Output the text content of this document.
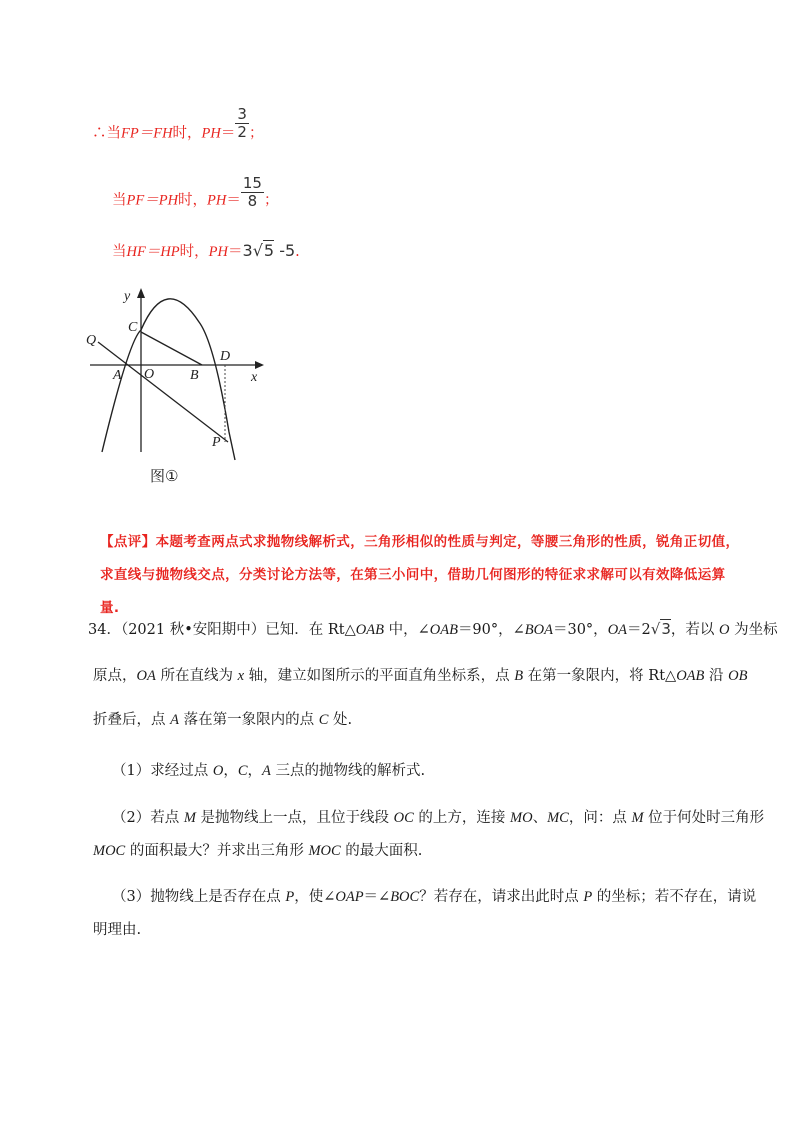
∴当FP＝FH时，$PH= \frac{3}{2}$ ；
当PF＝PH时，$PH= \frac{15}{8}$ ；
当HF＝HP时，PH＝3√5 -5.
y
x
Q
C
D
A O	B
P
图①
【点评】本题考查两点式求抛物线解析式，三角形相似的性质与判定，等腰三角形的性质，锐角正切值，求直线与抛物线交点，分类讨论方法等，在第三小问中，借助几何图形的特征求求解可以有效降低运算量.
34．（2021 秋•安阳期中）已知．在 Rt△OAB 中，∠OAB＝90°，∠BOA＝30°，OA＝2√3，若以 O 为坐标
原点，OA 所在直线为 x 轴，建立如图所示的平面直角坐标系，点 B 在第一象限内，将 Rt△OAB 沿 OB
折叠后，点 A 落在第一象限内的点 C 处.
（1）求经过点 O，C，A 三点的抛物线的解析式.
（2）若点 M 是抛物线上一点，且位于线段 OC 的上方，连接 MO、MC，问：点 M 位于何处时三角形
MOC 的面积最大？并求出三角形 MOC 的最大面积.
（3）抛物线上是否存在点 P，使∠OAP＝∠BOC？若存在，请求出此时点 P 的坐标；若不存在，请说
明理由.
